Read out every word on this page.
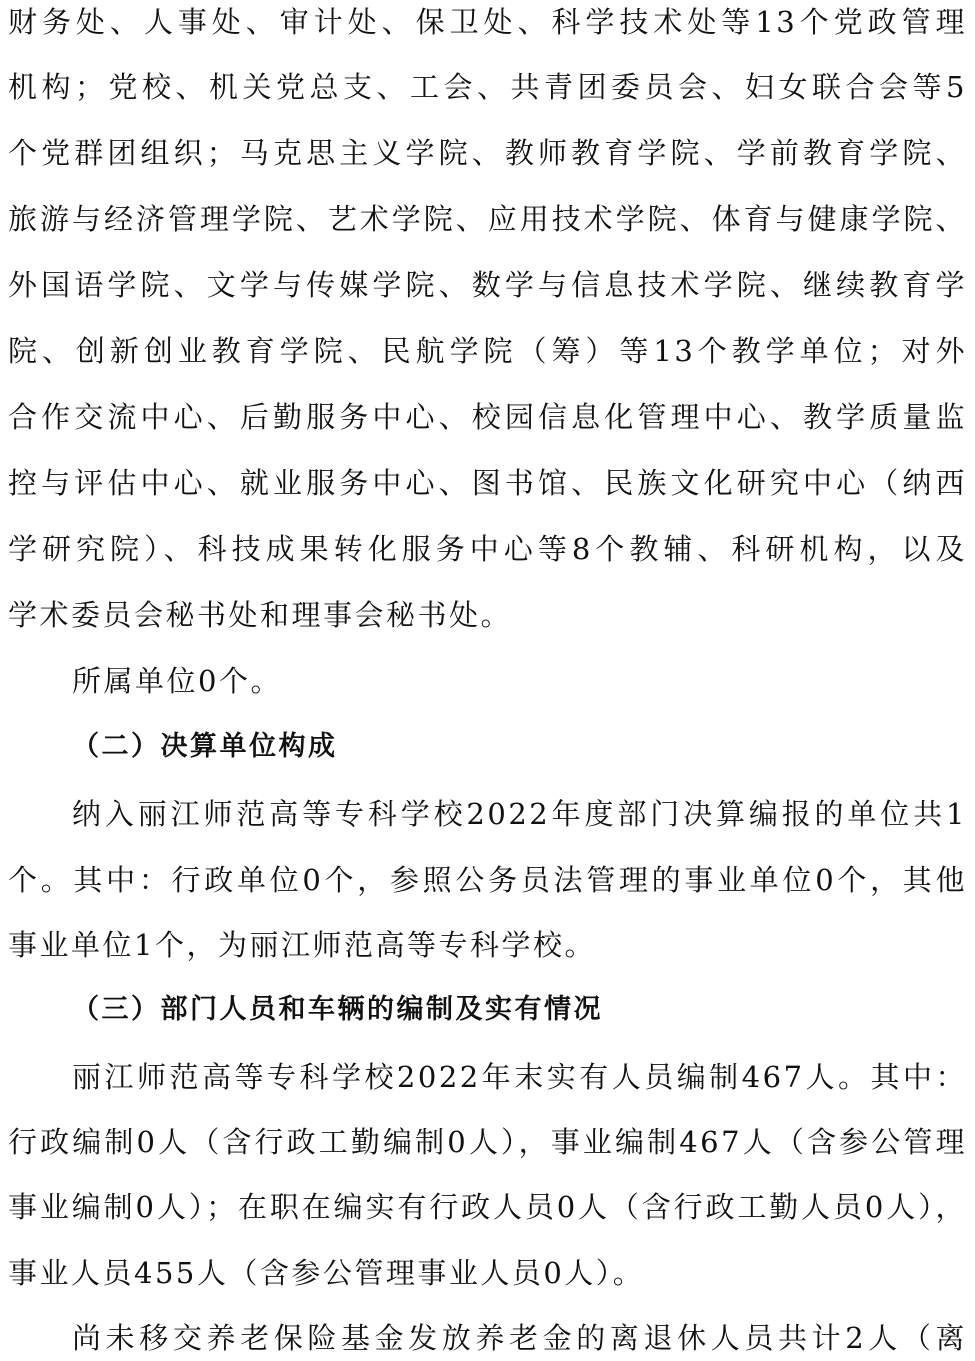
财务处、人事处、审计处、保卫处、科学技术处等13个党政管理
机构；党校、机关党总支、工会、共青团委员会、妇女联合会等5
个党群团组织；马克思主义学院、教师教育学院、学前教育学院、
旅游与经济管理学院、艺术学院、应用技术学院、体育与健康学院、
外国语学院、文学与传媒学院、数学与信息技术学院、继续教育学
院、创新创业教育学院、民航学院（筹）等13个教学单位；对外
合作交流中心、后勤服务中心、校园信息化管理中心、教学质量监
控与评估中心、就业服务中心、图书馆、民族文化研究中心（纳西
学研究院）、科技成果转化服务中心等8个教辅、科研机构，以及
学术委员会秘书处和理事会秘书处。
所属单位0个。
（二）决算单位构成
纳入丽江师范高等专科学校2022年度部门决算编报的单位共1
个。其中：行政单位0个，参照公务员法管理的事业单位0个，其他
事业单位1个，为丽江师范高等专科学校。
（三）部门人员和车辆的编制及实有情况
丽江师范高等专科学校2022年末实有人员编制467人。其中：
行政编制0人（含行政工勤编制0人），事业编制467人（含参公管理
事业编制0人）；在职在编实有行政人员0人（含行政工勤人员0人），
事业人员455人（含参公管理事业人员0人）。
尚未移交养老保险基金发放养老金的离退休人员共计2人（离
